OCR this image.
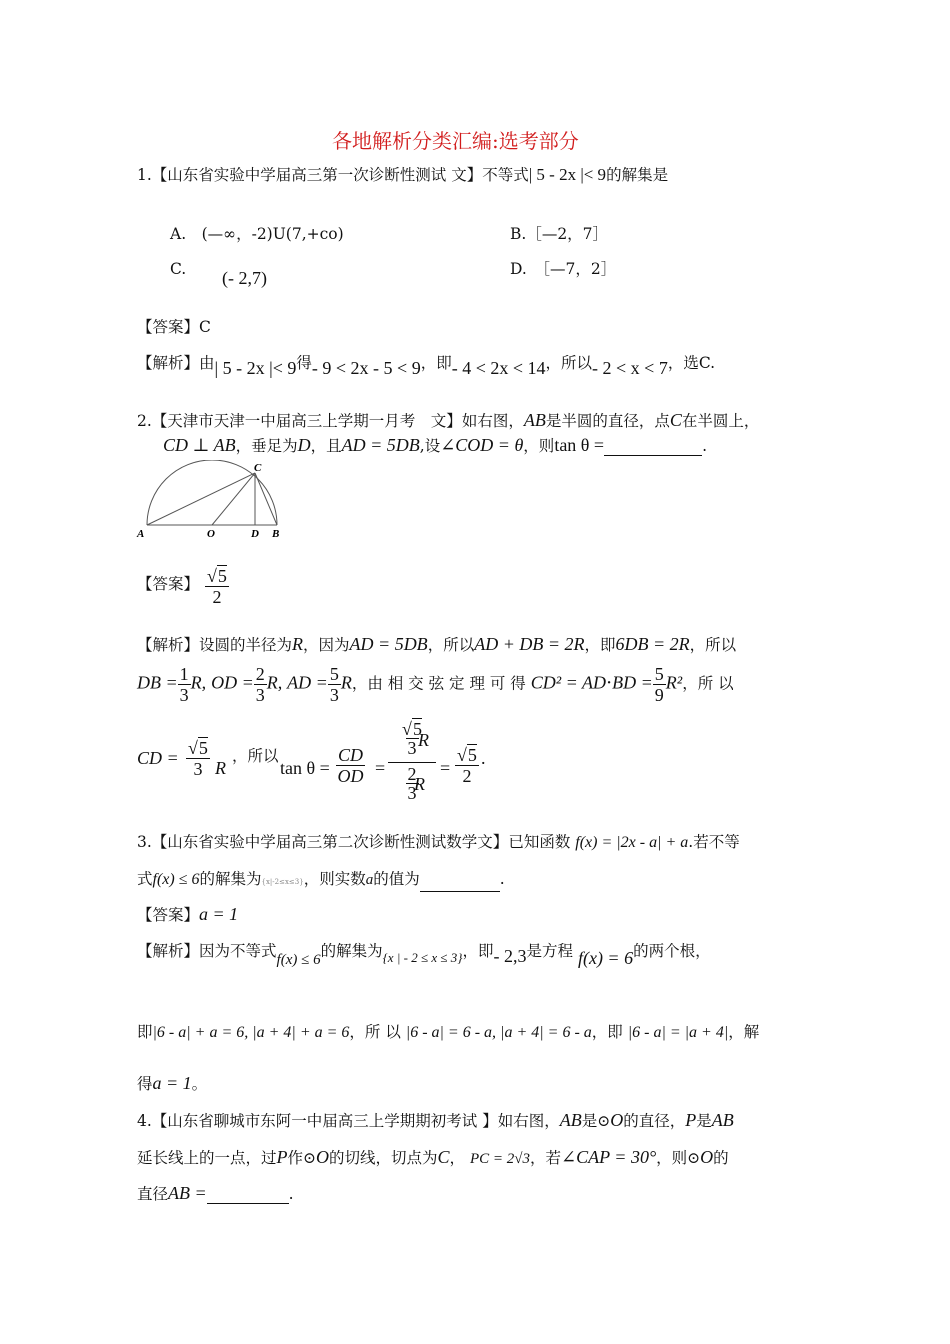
各地解析分类汇编:选考部分
1.【山东省实验中学届高三第一次诊断性测试 文】不等式| 5 - 2x |< 9的解集是
A.　(—∞，-2)U(7,+co)	B.［—2，7］
C. (- 2,7)	D.　［—7，2］
【答案】C
【解析】由| 5 - 2x |< 9得- 9 < 2x - 5 < 9，即- 4 < 2x < 14，所以- 2 < x < 7，选C.
2.【天津市天津一中届高三上学期一月考　文】如右图，AB是半圆的直径，点C在半圆上，
CD ⊥ AB，垂足为D，且AD = 5DB,设∠COD = θ，则tan θ =	.
C
A	O	D B
【答案】 $\frac{√5}{2}$
【解析】设圆的半径为R，因为AD = 5DB，所以AD + DB = 2R，即6DB = 2R，所以
DB = $\frac{1}{3} R$, OD = $\frac{2}{3} R$, AD = $\frac{5}{3}$ R，由 相 交 弦 定 理 可 得 $CD^2 = AD\cdot BD = \frac{5}{9} R^2$，所 以
CD = $\frac{√5}{3}$ R
，所以
$\tan \theta = \frac{CD}{OD}$ =
√5
3 R
2
3
R
= $\frac{√5}{2}$ .
3.【山东省实验中学届高三第二次诊断性测试数学文】已知函数 f(x) = |2x - a| + a.若不等
式f(x) ≤ 6的解集为{x|-2≤x≤3}，则实数a的值为	.
【答案】a = 1
【解析】因为不等式f(x) ≤ 6的解集为$_{\{x | - 2 \le x \le 3\}}$，即- 2,3是方程 f(x) = 6的两个根，
即|6 - a| + a = 6, |a + 4| + a = 6，所 以 |6 - a| = 6 - a, |a + 4| = 6 - a，即 |6 - a| = |a + 4|，解
得a = 1。
4.【山东省聊城市东阿一中届高三上学期期初考试 】如右图，AB是⊙O的直径，P是AB
延长线上的一点，过P作⊙O的切线，切点为C， PC = 2√3，若∠CAP = 30°，则⊙O的
直径AB =	.
